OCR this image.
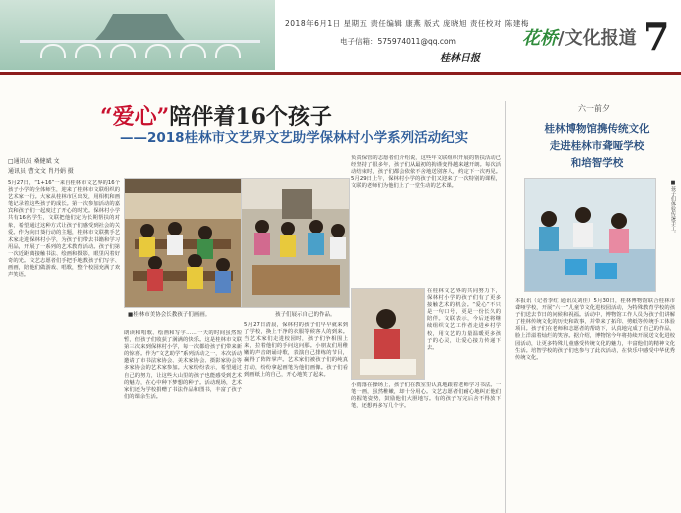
2018年6月1日 星期五 责任编辑 康燕 版式 庞晓旭 责任校对 陈建梅
电子信箱：575974011@qq.com
桂林日报
花桥/文化报道 7
“爱心”陪伴着16个孩子
——2018桂林市文艺界文艺助学保林村小学系列活动纪实
□通讯员 桑健斌 文
通讯员 曹文文 肖丹娟 摄
5月27日，“1+16”一来自桂林市文艺界的16个孩子小学的全体师生，迎来了桂林市文联组织的艺术家一行。大家从桂林市区出发，用相机和画笔记录着这些孩子的成长。第一次参加活动的嘉宾和孩子们一起度过了开心的时光。保林村小学共有16名学生，文联把他们定为长期帮扶的对象，希望通过这种方式让孩子们感受到社会的关爱。作为向日葵行动的主题，桂林市文联携手艺术家走进保林村小学，为孩子们带去书籍和学习用品，开展了一系列的艺术教育活动。孩子们第一次近距离接触书法、绘画和摄影，眼里闪着好奇的光。文艺志愿者们手把手地教孩子们写字、画画，陪他们做游戏、唱歌，整个校园充满了欢声笑语。
■桂林市美协会长教孩子们画画。	孩子们展示自己的作品。
负责保管的志愿者们介绍说，这些年文联组织开展的帮扶活动已经坚持了很多年，孩子们从最初的拘谨变得越来越开朗。每次活动结束时，孩子们都会依依不舍地送别客人，约定下一次再见。5月29日上午，保林村小学的孩子们又迎来了一次特别的课程，文联的老师们为他们上了一堂生动的艺术课。
在桂林文艺界的共同努力下，保林村小学的孩子们有了更多接触艺术的机会。“爱心”不只是一句口号，更是一份长久的陪伴。文联表示，今后还将继续组织文艺工作者走进乡村学校，用文艺的力量温暖更多孩子的心灵，让爱心接力传递下去。
朗读和唱歌、绘画和写字……一天的时间虽然短暂，但孩子们收获了满满的快乐。这是桂林市文联第三次来到保林村小学，每一次都给孩子们带来新的惊喜。作为“文艺助学”系列活动之一，本次活动邀请了市书法家协会、美术家协会、摄影家协会等多家协会的艺术家参加。大家纷纷表示，希望通过自己的努力，让这些大山里的孩子也能感受到艺术的魅力，在心中种下梦想的种子。活动现场，艺术家们还为学校捐赠了书法作品和图书，丰富了孩子们的课余生活。
5月27日清晨，保林村的孩子们早早就来到了学校，换上干净的衣服等候客人的到来。当艺术家们走进校园时，孩子们争相围上来，拉着他们的手问这问那。小朋友们用稚嫩的声音朗诵诗歌，表演自己排练的节目，赢得了阵阵掌声。艺术家们被孩子们的纯真打动，纷纷拿起画笔为他们画像。孩子们看到画纸上的自己，开心地笑了起来。
小雨落在操场上，孩子们在教室里认真地跟着老师学习书法。一笔一画，虽然稚嫩，却十分用心。文艺志愿者们耐心地纠正他们的握笔姿势，鼓励他们大胆地写。有的孩子写完后舍不得放下笔，还想再多写几个字。
六一前夕
桂林博物馆携传统文化
走进桂林市聋哑学校
和培智学校
■孩子们体验传统手工。
本报讯（记者李红 通讯员刘佳）5月30日，桂林博物馆联合桂林市聋哑学校，开展“六一”儿童节文化进校园活动，为特殊教育学校的孩子们送去节日的问候和祝福。活动中，博物馆工作人员为孩子们讲解了桂林传统文化的历史和故事，并带来了拓印、剪纸等传统手工体验项目。孩子们在老师和志愿者的帮助下，认真地完成了自己的作品，脸上洋溢着灿烂的笑容。据介绍，博物馆今年将持续开展送文化进校园活动，让更多特殊儿童感受传统文化的魅力，丰富他们的精神文化生活。培智学校的孩子们也参与了此次活动，在快乐中感受中华优秀传统文化。
